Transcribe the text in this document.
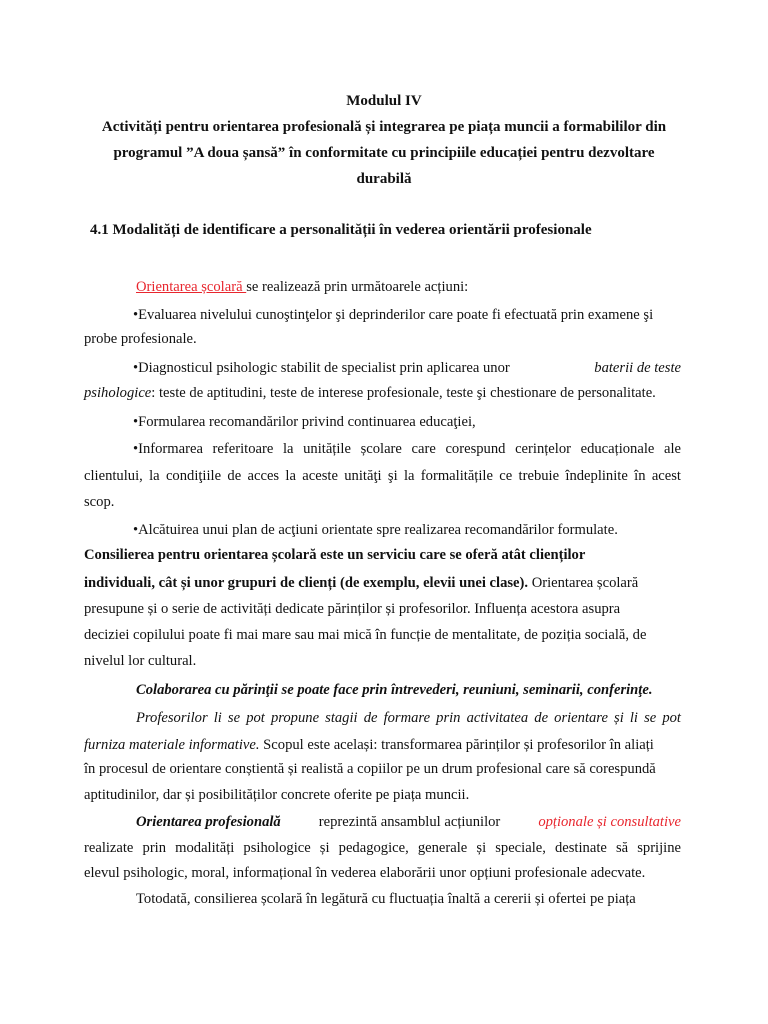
Modulul IV
Activități pentru orientarea profesională și integrarea pe piața muncii a formabililor din
programul ”A doua șansă” în conformitate cu principiile educației pentru dezvoltare
durabilă
4.1 Modalități de identificare a personalității în vederea orientării profesionale
Orientarea școlară se realizează prin următoarele acțiuni:
•Evaluarea nivelului cunoştinţelor şi deprinderilor care poate fi efectuată prin examene şi
probe profesionale.
•Diagnosticul psihologic stabilit de specialist prin aplicarea unor	baterii de teste
psihologice: teste de aptitudini, teste de interese profesionale, teste şi chestionare de personalitate.
•Formularea recomandărilor privind continuarea educaţiei,
•Informarea referitoare la unitățile școlare care corespund cerințelor educaționale ale
clientului, la condiţiile de acces la aceste unităţi şi la formalitățile ce trebuie îndeplinite în acest
scop.
•Alcătuirea unui plan de acţiuni orientate spre realizarea recomandărilor formulate.
Consilierea pentru orientarea școlară este un serviciu care se oferă atât clienților
individuali, cât și unor grupuri de clienți (de exemplu, elevii unei clase). Orientarea școlară
presupune și o serie de activități dedicate părinților și profesorilor. Influența acestora asupra
deciziei copilului poate fi mai mare sau mai mică în funcție de mentalitate, de poziția socială, de
nivelul lor cultural.
Colaborarea cu părinţii se poate face prin întrevederi, reuniuni, seminarii, conferinţe.
Profesorilor li se pot propune stagii de formare prin activitatea de orientare și li se pot
furniza materiale informative. Scopul este același: transformarea părinților și profesorilor în aliați
în procesul de orientare conștientă și realistă a copiilor pe un drum profesional care să corespundă
aptitudinilor, dar și posibilităților concrete oferite pe piața muncii.
Orientarea profesională	reprezintă ansamblul acțiunilor	opționale și consultative
realizate prin modalități psihologice și pedagogice, generale și speciale, destinate să sprijine
elevul psihologic, moral, informațional în vederea elaborării unor opțiuni profesionale adecvate.
Totodată, consilierea școlară în legătură cu fluctuația înaltă a cererii și ofertei pe piața
